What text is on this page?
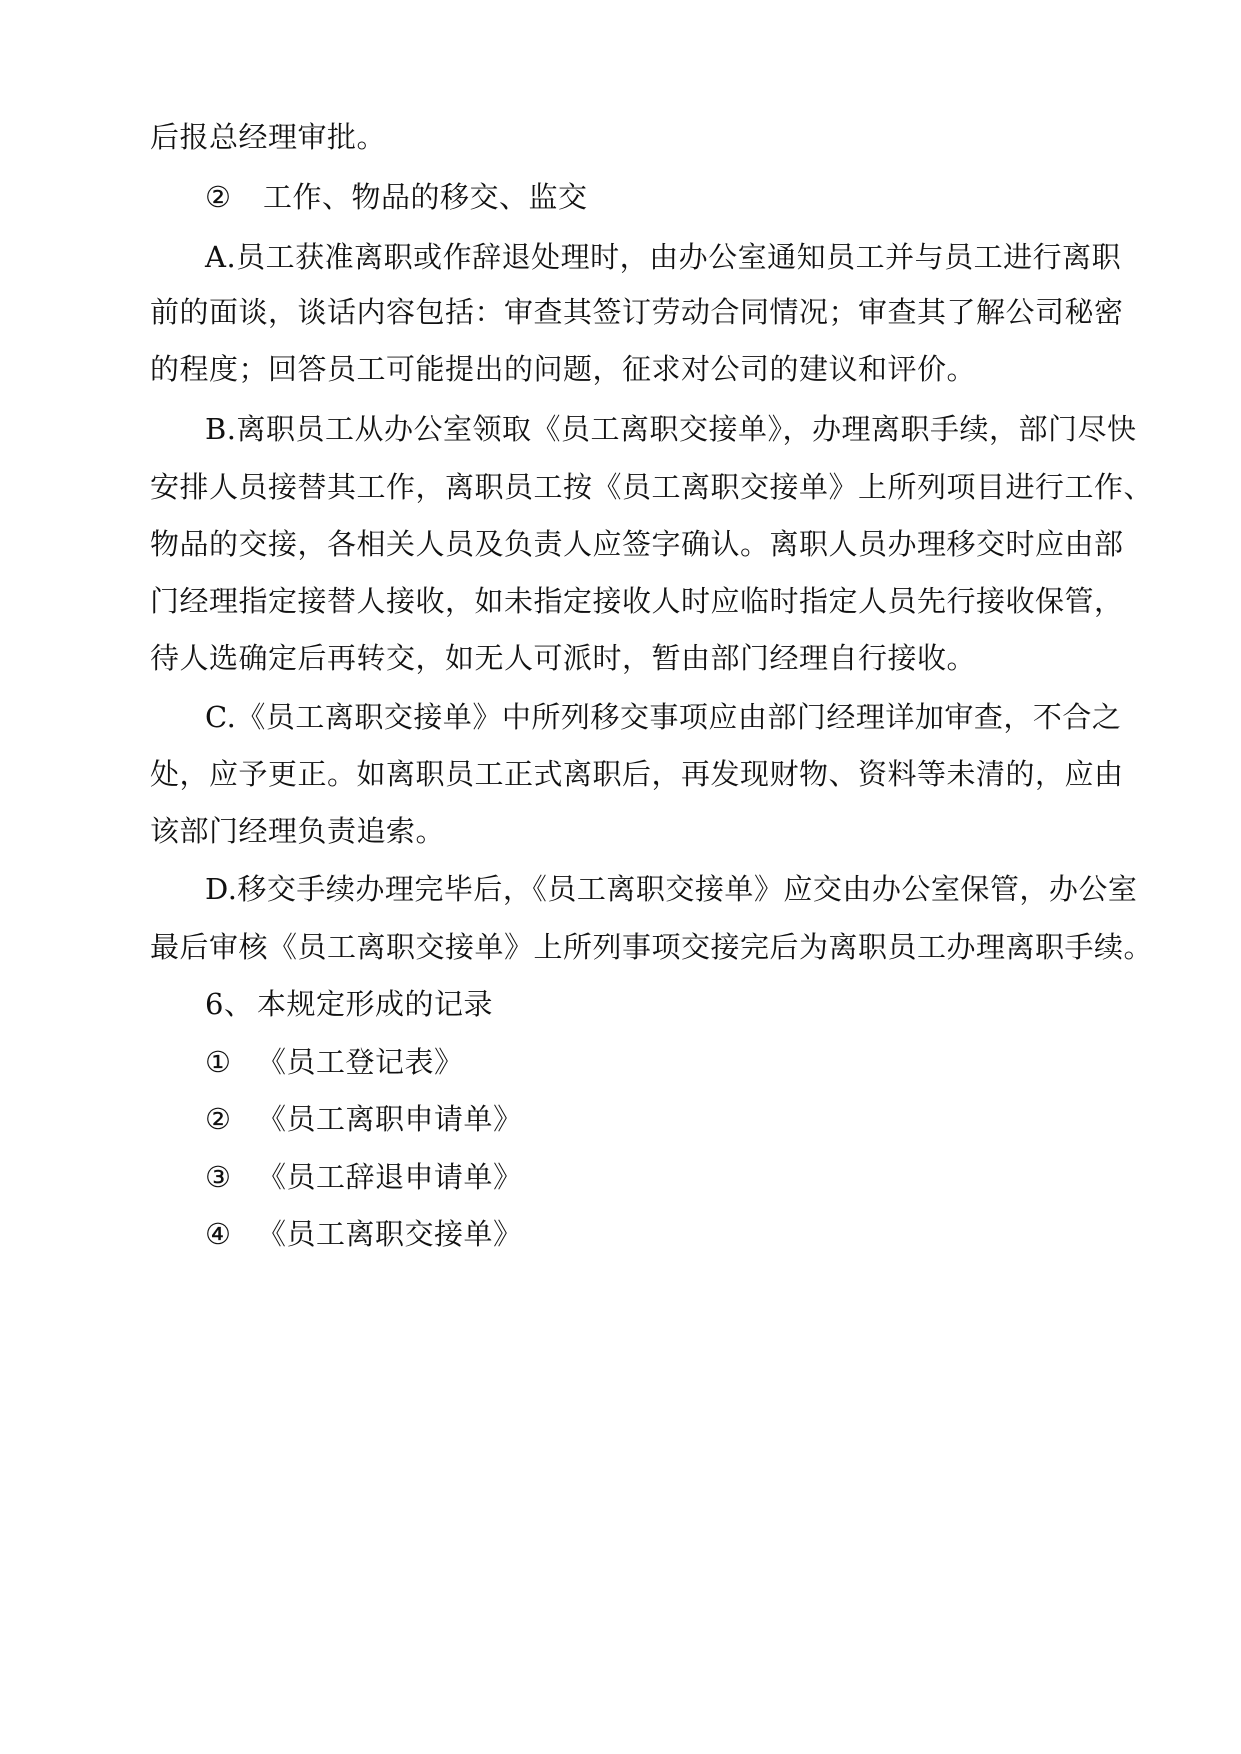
后报总经理审批。
② 工作、物品的移交、监交
A.员工获准离职或作辞退处理时，由办公室通知员工并与员工进行离职
前的面谈，谈话内容包括：审查其签订劳动合同情况；审查其了解公司秘密
的程度；回答员工可能提出的问题，征求对公司的建议和评价。
B.离职员工从办公室领取《员工离职交接单》，办理离职手续，部门尽快
安排人员接替其工作，离职员工按《员工离职交接单》上所列项目进行工作、
物品的交接，各相关人员及负责人应签字确认。离职人员办理移交时应由部
门经理指定接替人接收，如未指定接收人时应临时指定人员先行接收保管，
待人选确定后再转交，如无人可派时，暂由部门经理自行接收。
C.《员工离职交接单》中所列移交事项应由部门经理详加审查，不合之
处，应予更正。如离职员工正式离职后，再发现财物、资料等未清的，应由
该部门经理负责追索。
D.移交手续办理完毕后，《员工离职交接单》应交由办公室保管，办公室
最后审核《员工离职交接单》上所列事项交接完后为离职员工办理离职手续。
6、 本规定形成的记录
① 《员工登记表》
② 《员工离职申请单》
③ 《员工辞退申请单》
④ 《员工离职交接单》
